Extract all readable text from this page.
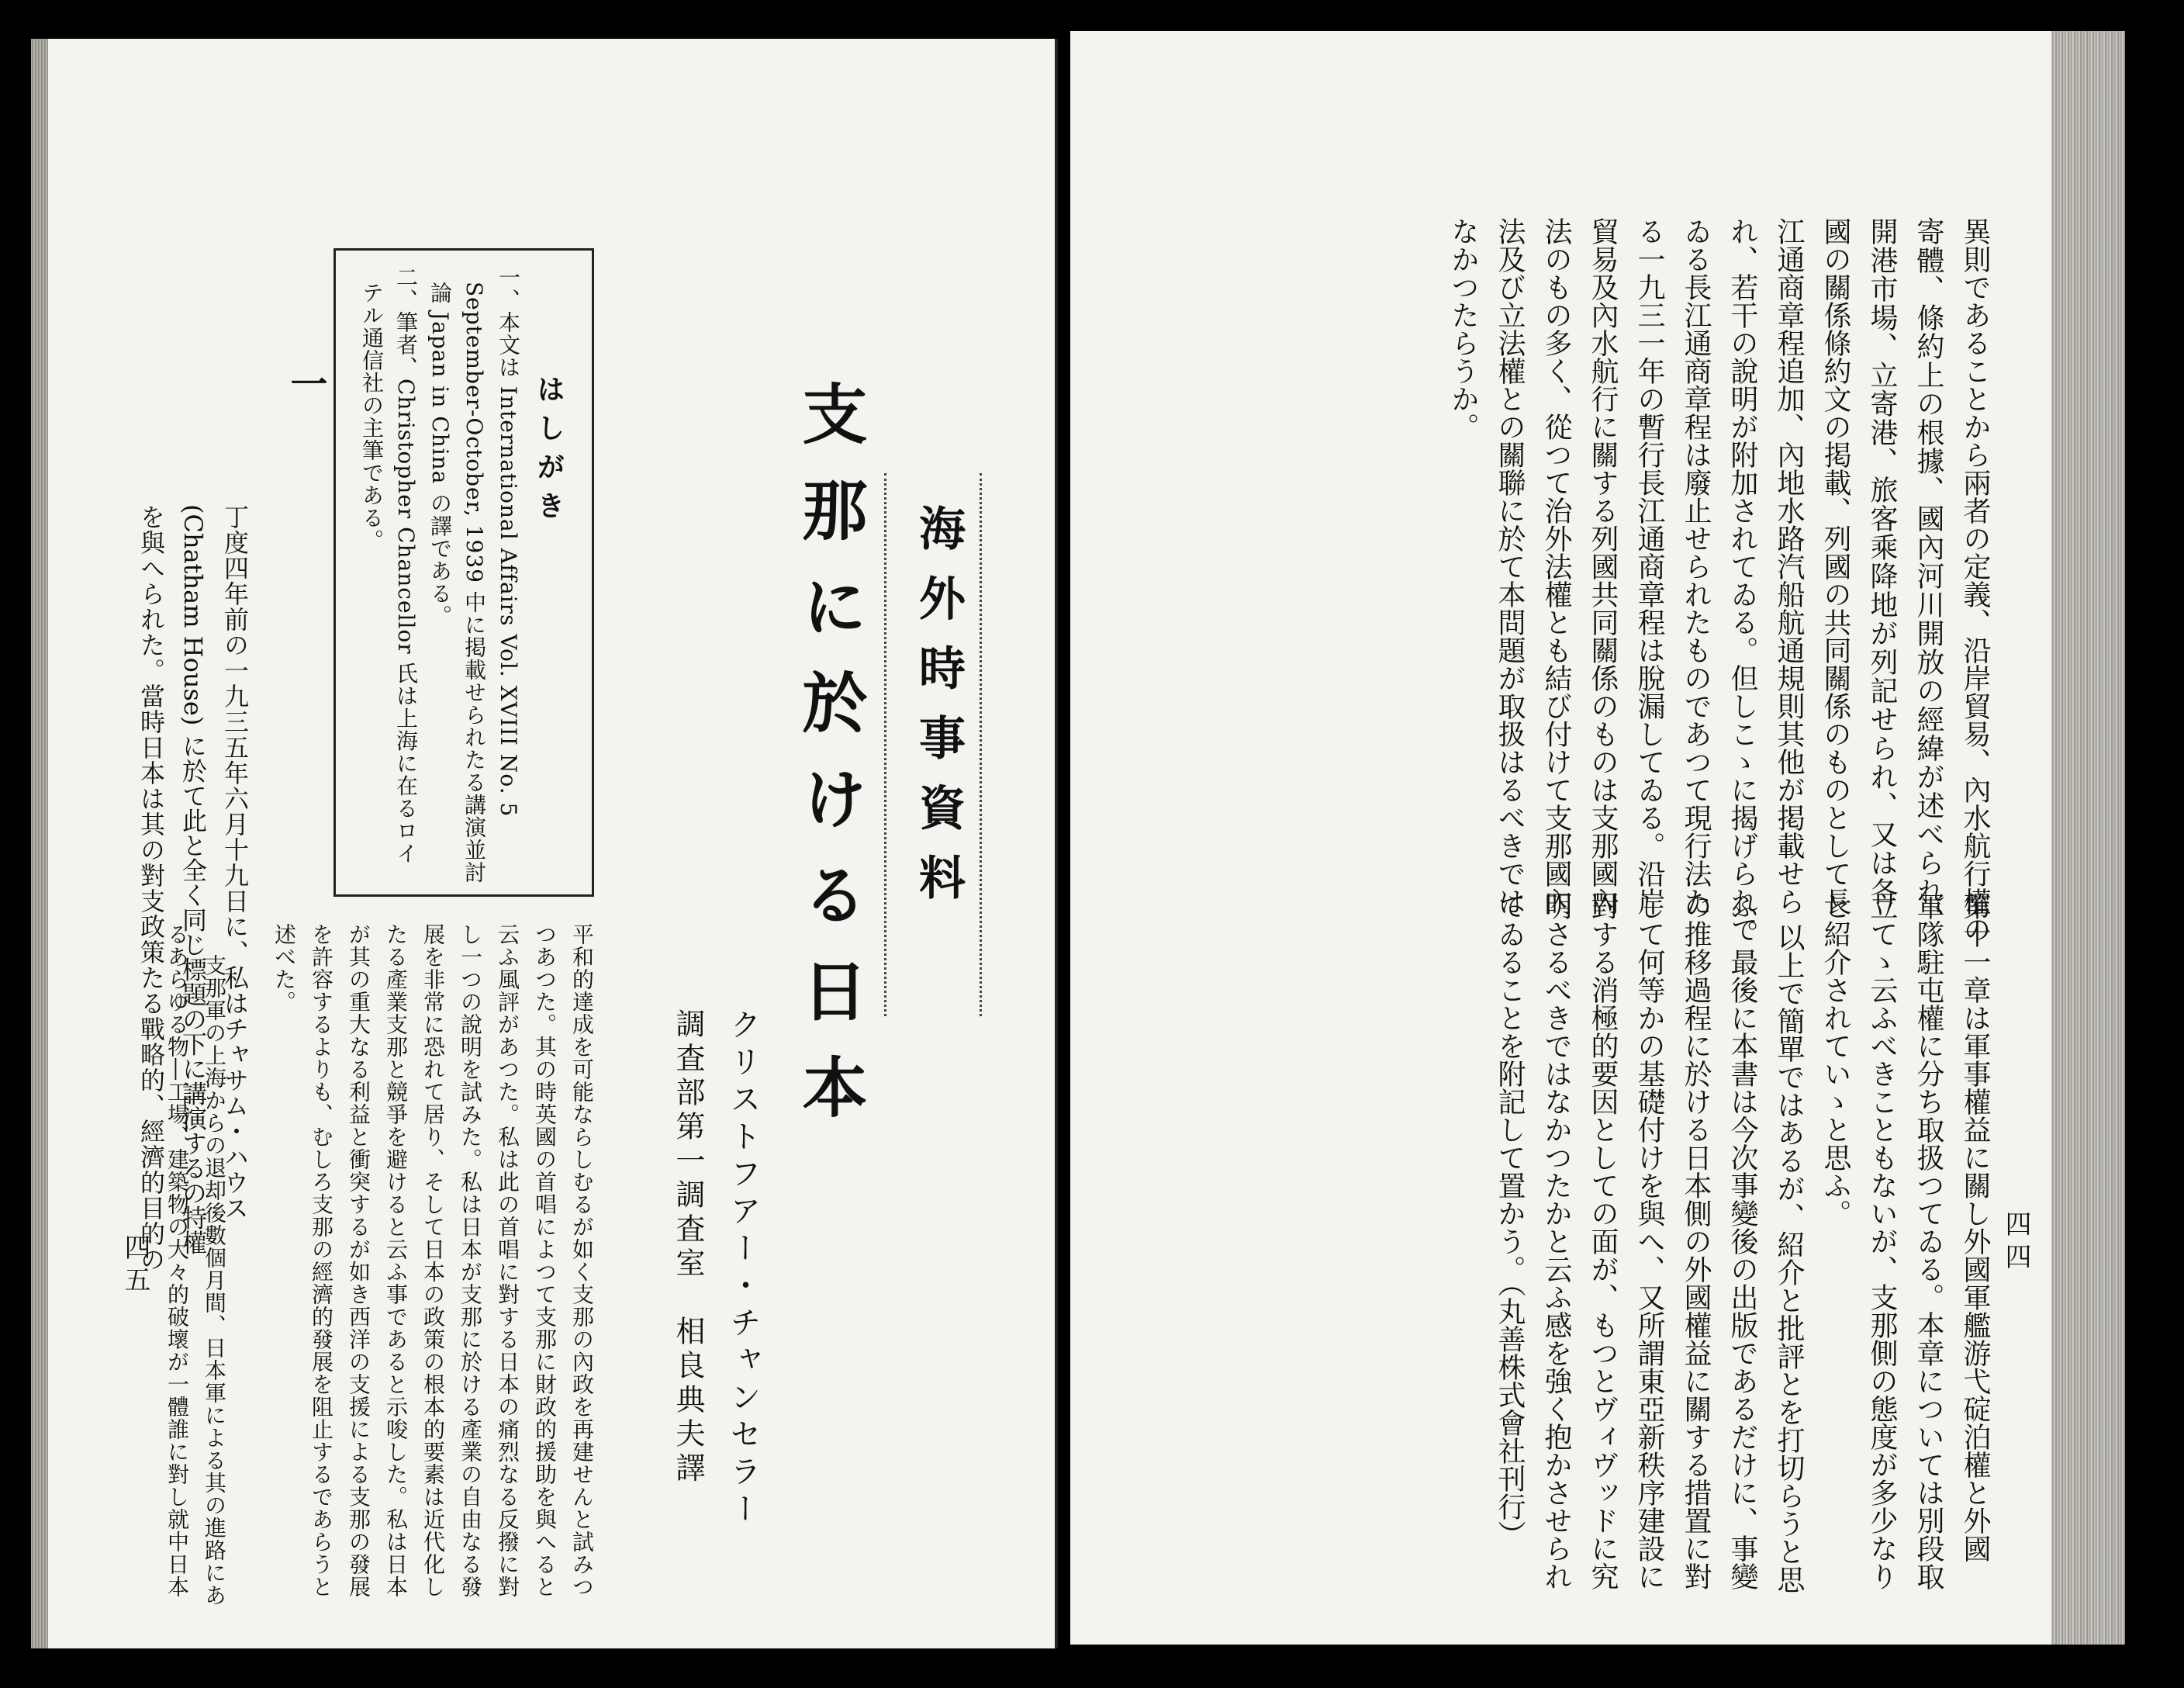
海外時事資料
支那に於ける日本
クリストフアー・チャンセラー
調査部第一調査室　相良典夫譯
はしがき
一、本文は International Affairs Vol. XVIII No. 5
September-October, 1939 中に掲載せられたる講演並討
論 Japan in China の譯である。
二、筆者、Christopher Chancellor 氏は上海に在るロイ
テル通信社の主筆である。
一
丁度四年前の一九三五年六月十九日に、私はチャサム・ハウス
(Chatham House) に於て此と全く同じ標題の下に講演するの特權
を與へられた。當時日本は其の對支政策たる戰略的、經濟的目的の	平和的達成を可能ならしむるが如く支那の內政を再建せんと試みつ
つあつた。其の時英國の首唱によつて支那に財政的援助を與へると
云ふ風評があつた。私は此の首唱に對する日本の痛烈なる反撥に對
し一つの說明を試みた。私は日本が支那に於ける產業の自由なる發
展を非常に恐れて居り、そして日本の政策の根本的要素は近代化し
たる產業支那と競爭を避けると云ふ事であると示唆した。私は日本
が其の重大なる利益と衝突するが如き西洋の支援による支那の發展
を許容するよりも、むしろ支那の經濟的發展を阻止するであらうと
述べた。
支那軍の上海からの退却後數個月間、日本軍による其の進路にあ
るあらゆる物―工場、建築物の大々的破壞が一體誰に對し就中日本
四五
異則であることから兩者の定義、沿岸貿易、內水航行權の
寄體、條約上の根據、國內河川開放の經緯が述べられ、
開港市場、立寄港、旅客乘降地が列記せられ、又は各
國の關係條約文の掲載、列國の共同關係のものとして長
江通商章程追加、內地水路汽船航通規則其他が掲載せら
れ、若干の說明が附加されてゐる。但しこゝに揭げられて
ゐる長江通商章程は廢止せられたものであつて現行法た
る一九三一年の暫行長江通商章程は脫漏してゐる。沿岸
貿易及內水航行に關する列國共同關係のものは支那國內
法のもの多く、從つて治外法權とも結び付けて支那國內
法及び立法權との關聯に於て本問題が取扱はるべきでは
なかつたらうか。
四四
第十一章は軍事權益に關し外國軍艦游弋碇泊權と外國
軍隊駐屯權に分ち取扱つてゐる。本章については別段取
立てゝ云ふべきこともないが、支那側の態度が多少なり
と紹介されていゝと思ふ。
以上で簡單ではあるが、紹介と批評とを打切らうと思
ふ。最後に本書は今次事變後の出版であるだけに、事變
の推移過程に於ける日本側の外國權益に關する措置に對
して何等かの基礎付けを與へ、又所謂東亞新秩序建設に
對する消極的要因としての面が、もつとヴィヴッドに究
明さるべきではなかつたかと云ふ感を強く抱かさせられ
てゐることを附記して置かう。（丸善株式會社刊行）
